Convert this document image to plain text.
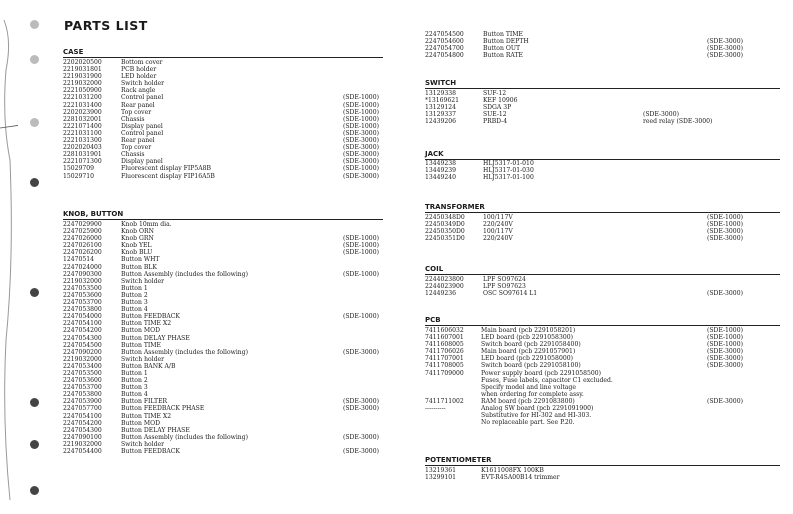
PARTS LIST
CASE
2202020500	Bottom cover
2219031801	PCB holder
2219031900	LED holder
2219032000	Switch holder
2221050900	Rack angle
2221031200	Control panel	(SDE-1000)
2221031400	Rear panel	(SDE-1000)
2202023900	Top cover	(SDE-1000)
2281032001	Chassis	(SDE-1000)
2221071400	Display panel	(SDE-1000)
2221031100	Control panel	(SDE-3000)
2221031300	Rear panel	(SDE-3000)
2202020403	Top cover	(SDE-3000)
2281031901	Chassis	(SDE-3000)
2221071300	Display panel	(SDE-3000)
15029709	Fluorescent display FIP5A8B	(SDE-1000)
15029710	Fluorescent display FIP16A5B	(SDE-3000)
KNOB, BUTTON
2247029900	Knob 10mm dia.
2247025900	Knob ORN
2247026000	Knob GRN	(SDE-1000)
2247026100	Knob YEL	(SDE-1000)
2247026200	Knob BLU	(SDE-1000)
12470514	Button WHT
2247024000	Button BLK
2247090300	Button Assembly (includes the following)	(SDE-1000)
2219032000	Switch holder
2247053500	Button 1
2247053600	Button 2
2247053700	Button 3
2247053800	Button 4
2247054000	Button FEEDBACK	(SDE-1000)
2247054100	Button TIME X2
2247054200	Button MOD
2247054300	Button DELAY PHASE
2247054500	Button TIME
2247090200	Button Assembly (includes the following)	(SDE-3000)
2219032000	Switch holder
2247053400	Button BANK A/B
2247053500	Button 1
2247053600	Button 2
2247053700	Button 3
2247053800	Button 4
2247053900	Button FILTER	(SDE-3000)
2247057700	Button FEEDBACK PHASE	(SDE-3000)
2247054100	Button TIME X2
2247054200	Button MOD
2247054300	Button DELAY PHASE
2247090100	Button Assembly (includes the following)	(SDE-3000)
2219032000	Switch holder
2247054400	Button FEEDBACK	(SDE-3000)
2247054500	Button TIME
2247054600	Button DEPTH	(SDE-3000)
2247054700	Button OUT	(SDE-3000)
2247054800	Button RATE	(SDE-3000)
SWITCH
13129338	SUF-12
*13169621	KEF 10906
13129124	SDGA 3P
13129337	SUE-12	(SDE-3000)
12439206	PRBD-4	reed relay (SDE-3000)
JACK
13449238	HLJ5317-01-010
13449239	HLJ5317-01-030
13449240	HLJ5317-01-100
TRANSFORMER
22450348D0	100/117V	(SDE-1000)
22450349D0	220/240V	(SDE-1000)
22450350D0	100/117V	(SDE-3000)
22450351D0	220/240V	(SDE-3000)
COIL
2244023800	LPF SO97624
2244023900	LPF SO97623
12449236	OSC SO97614 L1	(SDE-3000)
PCB
7411606032	Main board (pcb 2291058201)	(SDE-1000)
7411607001	LED board (pcb 2291058300)	(SDE-1000)
7411608005	Switch board (pcb 2291058400)	(SDE-1000)
7411706026	Main board (pcb 2291057901)	(SDE-3000)
7411707001	LED board (pcb 2291058000)	(SDE-3000)
7411708005	Switch board (pcb 2291058100)	(SDE-3000)
7411709000	Power supply board (pcb 2291058500)
Fuses, Fuse labels, capacitor C1 excluded.
Specify model and line voltage
when ordering for complete assy.
7411711002	RAM board (pcb 2291083800)	(SDE-3000)
----------	Analog SW board (pcb 2291091900)
Substitutive for HI-302 and HI-303.
No replaceable part. See P.20.
POTENTIOMETER
13219361	K1611008FX 100KB
13299101	EVT-R4SA00B14 trimmer
